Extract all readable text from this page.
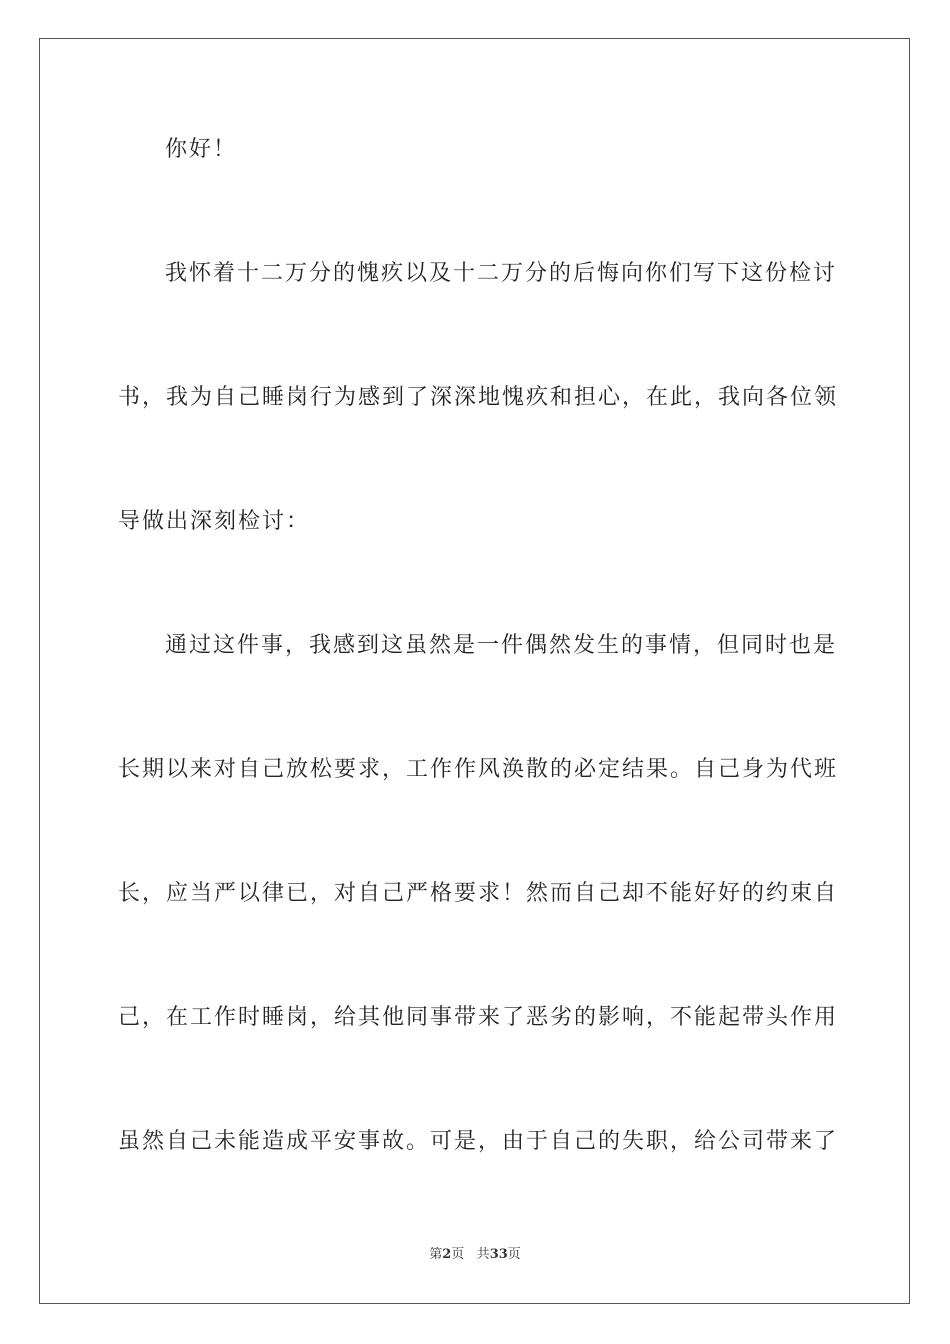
你好！
我怀着十二万分的愧疚以及十二万分的后悔向你们写下这份检讨
书，我为自己睡岗行为感到了深深地愧疚和担心，在此，我向各位领
导做出深刻检讨：
通过这件事，我感到这虽然是一件偶然发生的事情，但同时也是
长期以来对自己放松要求，工作作风涣散的必定结果。自己身为代班
长，应当严以律已，对自己严格要求！然而自己却不能好好的约束自
己，在工作时睡岗，给其他同事带来了恶劣的影响，不能起带头作用
虽然自己未能造成平安事故。可是，由于自己的失职，给公司带来了
第2页 共33页
